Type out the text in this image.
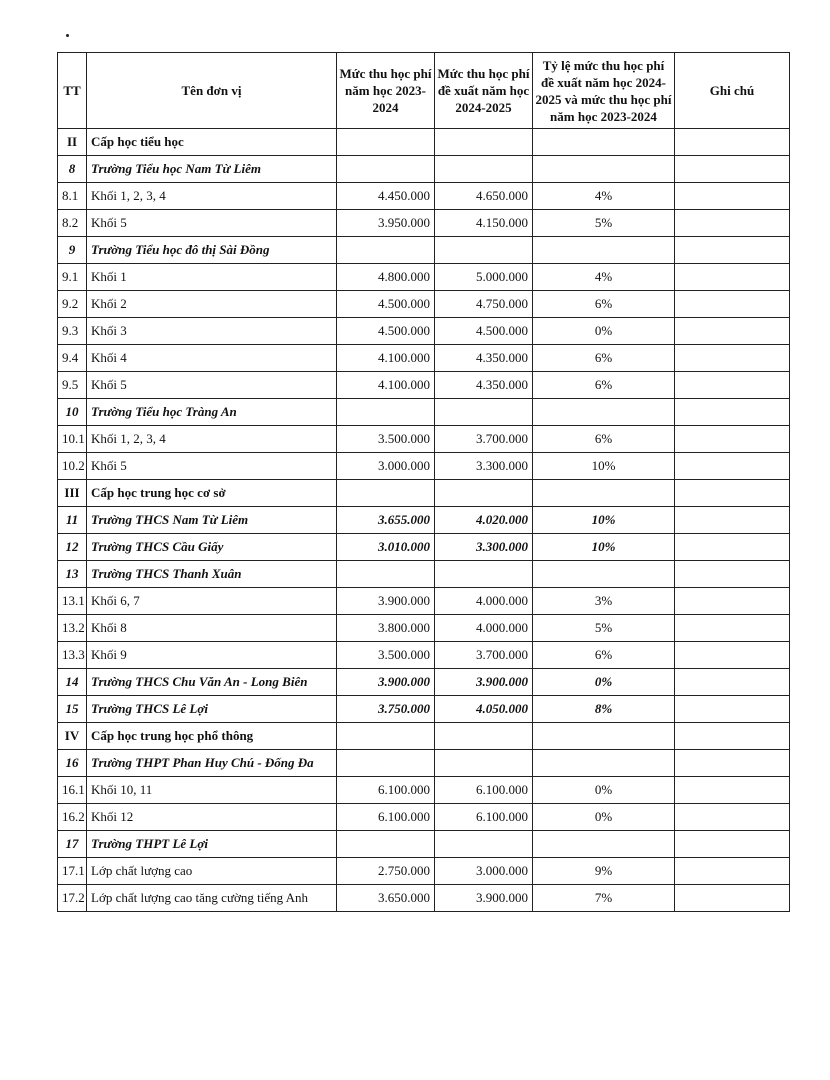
TT	Tên đơn vị	Mức thu học phí năm học 2023-2024	Mức thu học phí đề xuất năm học 2024-2025	Tỷ lệ mức thu học phí đề xuất năm học 2024-2025 và mức thu học phí năm học 2023-2024	Ghi chú
II	Cấp học tiểu học				
8	Trường Tiểu học Nam Từ Liêm				
8.1	Khối 1, 2, 3, 4	4.450.000	4.650.000	4%	
8.2	Khối 5	3.950.000	4.150.000	5%	
9	Trường Tiểu học đô thị Sài Đồng				
9.1	Khối 1	4.800.000	5.000.000	4%	
9.2	Khối 2	4.500.000	4.750.000	6%	
9.3	Khối 3	4.500.000	4.500.000	0%	
9.4	Khối 4	4.100.000	4.350.000	6%	
9.5	Khối 5	4.100.000	4.350.000	6%	
10	Trường Tiểu học Tràng An				
10.1	Khối 1, 2, 3, 4	3.500.000	3.700.000	6%	
10.2	Khối 5	3.000.000	3.300.000	10%	
III	Cấp học trung học cơ sở				
11	Trường THCS Nam Từ Liêm	3.655.000	4.020.000	10%	
12	Trường THCS Cầu Giấy	3.010.000	3.300.000	10%	
13	Trường THCS Thanh Xuân				
13.1	Khối 6, 7	3.900.000	4.000.000	3%	
13.2	Khối 8	3.800.000	4.000.000	5%	
13.3	Khối 9	3.500.000	3.700.000	6%	
14	Trường THCS Chu Văn An - Long Biên	3.900.000	3.900.000	0%	
15	Trường THCS Lê Lợi	3.750.000	4.050.000	8%	
IV	Cấp học trung học phổ thông				
16	Trường THPT Phan Huy Chú - Đống Đa				
16.1	Khối 10, 11	6.100.000	6.100.000	0%	
16.2	Khối 12	6.100.000	6.100.000	0%	
17	Trường THPT Lê Lợi				
17.1	Lớp chất lượng cao	2.750.000	3.000.000	9%	
17.2	Lớp chất lượng cao tăng cường tiếng Anh	3.650.000	3.900.000	7%	
